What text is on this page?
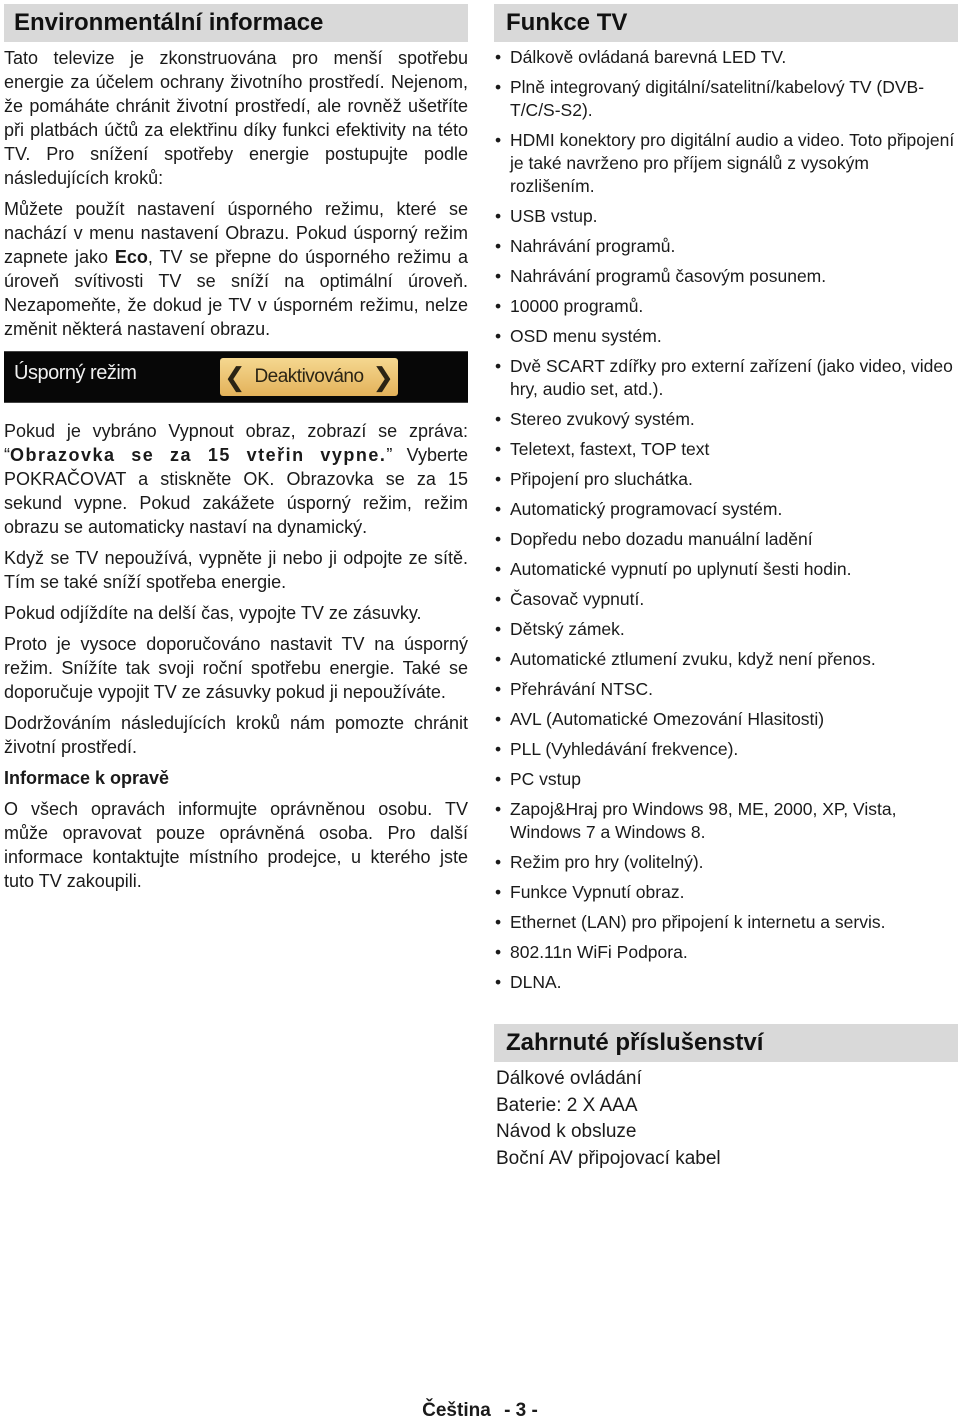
Environmentální informace

Tato televize je zkonstruována pro menší spotřebu energie za účelem ochrany životního prostředí. Nejenom, že pomáháte chránit životní prostředí, ale rovněž ušetříte při platbách účtů za elektřinu díky funkci efektivity na této TV. Pro snížení spotřeby energie postupujte podle následujících kroků:

Můžete použít nastavení úsporného režimu, které se nachází v menu nastavení Obrazu. Pokud úsporný režim zapnete jako Eco, TV se přepne do úsporného režimu a úroveň svítivosti TV se sníží na optimální úroveň. Nezapomeňte, že dokud je TV v úsporném režimu, nelze změnit některá nastavení obrazu.

Úsporný režim	❮ Deaktivováno ❯

Pokud je vybráno Vypnout obraz, zobrazí se zpráva: “Obrazovka se za 15 vteřin vypne.” Vyberte POKRAČOVAT a stiskněte OK. Obrazovka se za 15 sekund vypne. Pokud zakážete úsporný režim, režim obrazu se automaticky nastaví na dynamický.

Když se TV nepoužívá, vypněte ji nebo ji odpojte ze sítě. Tím se také sníží spotřeba energie.

Pokud odjíždíte na delší čas, vypojte TV ze zásuvky.

Proto je vysoce doporučováno nastavit TV na úsporný režim. Snížíte tak svoji roční spotřebu energie. Také se doporučuje vypojit TV ze zásuvky pokud ji nepoužíváte.

Dodržováním následujících kroků nám pomozte chránit životní prostředí.

Informace k opravě

O všech opravách informujte oprávněnou osobu. TV může opravovat pouze oprávněná osoba. Pro další informace kontaktujte místního prodejce, u kterého jste tuto TV zakoupili.

Funkce TV
• Dálkově ovládaná barevná LED TV.
• Plně integrovaný digitální/satelitní/kabelový TV (DVB-T/C/S-S2).
• HDMI konektory pro digitální audio a video. Toto připojení je také navrženo pro příjem signálů z vysokým rozlišením.
• USB vstup.
• Nahrávání programů.
• Nahrávání programů časovým posunem.
• 10000 programů.
• OSD menu systém.
• Dvě SCART zdířky pro externí zařízení (jako video, video hry, audio set, atd.).
• Stereo zvukový systém.
• Teletext, fastext, TOP text
• Připojení pro sluchátka.
• Automatický programovací systém.
• Dopředu nebo dozadu manuální ladění
• Automatické vypnutí po uplynutí šesti hodin.
• Časovač vypnutí.
• Dětský zámek.
• Automatické ztlumení zvuku, když není přenos.
• Přehrávání NTSC.
• AVL (Automatické Omezování Hlasitosti)
• PLL (Vyhledávání frekvence).
• PC vstup
• Zapoj&Hraj pro Windows 98, ME, 2000, XP, Vista, Windows 7 a Windows 8.
• Režim pro hry (volitelný).
• Funkce Vypnutí obraz.
• Ethernet (LAN) pro připojení k internetu a servis.
• 802.11n WiFi Podpora.
• DLNA.
Zahrnuté příslušenství
Dálkové ovládání
Baterie: 2 X AAA
Návod k obsluze
Boční AV připojovací kabel
Čeština - 3 -
